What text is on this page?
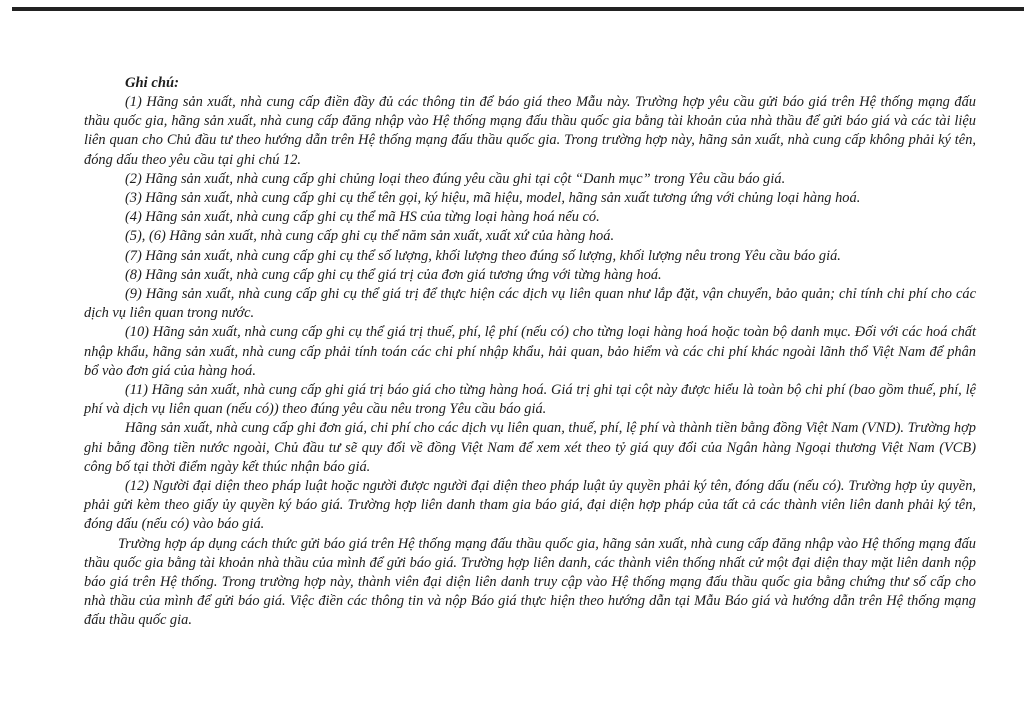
Ghi chú:

(1) Hãng sản xuất, nhà cung cấp điền đầy đủ các thông tin để báo giá theo Mẫu này. Trường hợp yêu cầu gửi báo giá trên Hệ thống mạng đấu thầu quốc gia, hãng sản xuất, nhà cung cấp đăng nhập vào Hệ thống mạng đấu thầu quốc gia bằng tài khoản của nhà thầu để gửi báo giá và các tài liệu liên quan cho Chủ đầu tư theo hướng dẫn trên Hệ thống mạng đấu thầu quốc gia. Trong trường hợp này, hãng sản xuất, nhà cung cấp không phải ký tên, đóng dấu theo yêu cầu tại ghi chú 12.

(2) Hãng sản xuất, nhà cung cấp ghi chủng loại theo đúng yêu cầu ghi tại cột “Danh mục” trong Yêu cầu báo giá.

(3) Hãng sản xuất, nhà cung cấp ghi cụ thể tên gọi, ký hiệu, mã hiệu, model, hãng sản xuất tương ứng với chủng loại hàng hoá.

(4) Hãng sản xuất, nhà cung cấp ghi cụ thể mã HS của từng loại hàng hoá nếu có.

(5), (6) Hãng sản xuất, nhà cung cấp ghi cụ thể năm sản xuất, xuất xứ của hàng hoá.

(7) Hãng sản xuất, nhà cung cấp ghi cụ thể số lượng, khối lượng theo đúng số lượng, khối lượng nêu trong Yêu cầu báo giá.

(8) Hãng sản xuất, nhà cung cấp ghi cụ thể giá trị của đơn giá tương ứng với từng hàng hoá.

(9) Hãng sản xuất, nhà cung cấp ghi cụ thể giá trị để thực hiện các dịch vụ liên quan như lắp đặt, vận chuyển, bảo quản; chỉ tính chi phí cho các dịch vụ liên quan trong nước.

(10) Hãng sản xuất, nhà cung cấp ghi cụ thể giá trị thuế, phí, lệ phí (nếu có) cho từng loại hàng hoá hoặc toàn bộ danh mục. Đối với các hoá chất nhập khẩu, hãng sản xuất, nhà cung cấp phải tính toán các chi phí nhập khẩu, hải quan, bảo hiểm và các chi phí khác ngoài lãnh thổ Việt Nam để phân bổ vào đơn giá của hàng hoá.

(11) Hãng sản xuất, nhà cung cấp ghi giá trị báo giá cho từng hàng hoá. Giá trị ghi tại cột này được hiểu là toàn bộ chi phí (bao gồm thuế, phí, lệ phí và dịch vụ liên quan (nếu có)) theo đúng yêu cầu nêu trong Yêu cầu báo giá.

Hãng sản xuất, nhà cung cấp ghi đơn giá, chi phí cho các dịch vụ liên quan, thuế, phí, lệ phí và thành tiền bằng đồng Việt Nam (VND). Trường hợp ghi bằng đồng tiền nước ngoài, Chủ đầu tư sẽ quy đổi về đồng Việt Nam để xem xét theo tỷ giá quy đổi của Ngân hàng Ngoại thương Việt Nam (VCB) công bố tại thời điểm ngày kết thúc nhận báo giá.

(12) Người đại diện theo pháp luật hoặc người được người đại diện theo pháp luật ủy quyền phải ký tên, đóng dấu (nếu có). Trường hợp ủy quyền, phải gửi kèm theo giấy ủy quyền ký báo giá. Trường hợp liên danh tham gia báo giá, đại diện hợp pháp của tất cả các thành viên liên danh phải ký tên, đóng dấu (nếu có) vào báo giá.

Trường hợp áp dụng cách thức gửi báo giá trên Hệ thống mạng đấu thầu quốc gia, hãng sản xuất, nhà cung cấp đăng nhập vào Hệ thống mạng đấu thầu quốc gia bằng tài khoản nhà thầu của mình để gửi báo giá. Trường hợp liên danh, các thành viên thống nhất cử một đại diện thay mặt liên danh nộp báo giá trên Hệ thống. Trong trường hợp này, thành viên đại diện liên danh truy cập vào Hệ thống mạng đấu thầu quốc gia bằng chứng thư số cấp cho nhà thầu của mình để gửi báo giá. Việc điền các thông tin và nộp Báo giá thực hiện theo hướng dẫn tại Mẫu Báo giá và hướng dẫn trên Hệ thống mạng đấu thầu quốc gia.
